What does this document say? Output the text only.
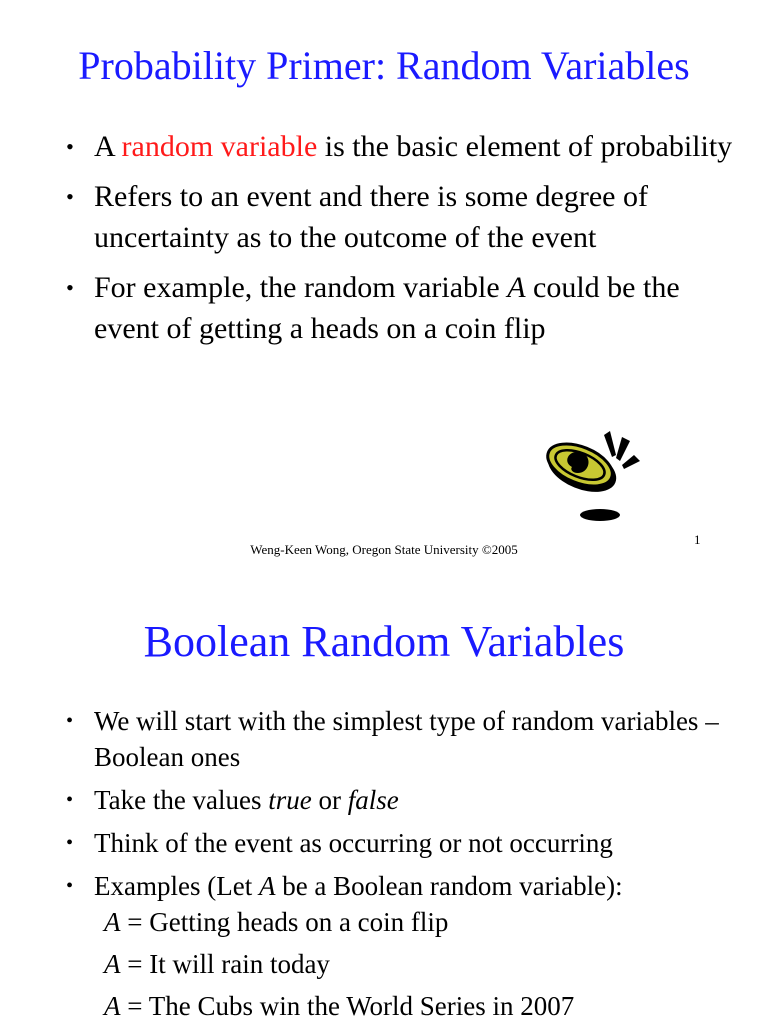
Probability Primer: Random Variables
• A random variable is the basic element of probability
• Refers to an event and there is some degree of uncertainty as to the outcome of the event
• For example, the random variable A could be the event of getting a heads on a coin flip
Weng-Keen Wong, Oregon State University ©2005
1
Boolean Random Variables
• We will start with the simplest type of random variables – Boolean ones
• Take the values true or false
• Think of the event as occurring or not occurring
• Examples (Let A be a Boolean random variable):
A = Getting heads on a coin flip
A = It will rain today
A = The Cubs win the World Series in 2007
